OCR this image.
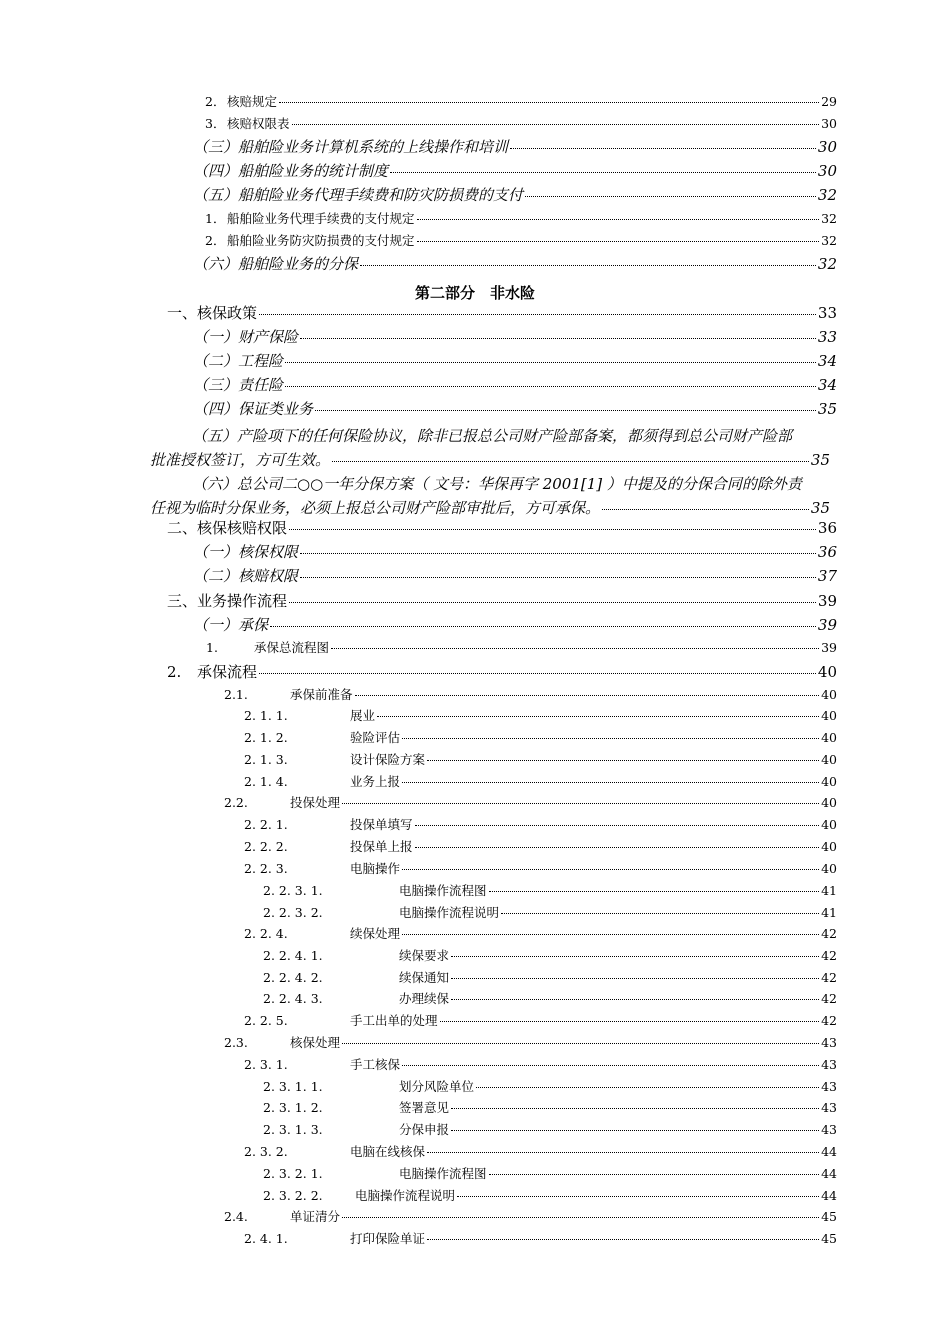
第二部分　非水险
（五）产险项下的任何保险协议，除非已报总公司财产险部备案，都须得到总公司财产险部
批准授权签订，方可生效。	35
（六）总公司二○○一年分保方案（ 文号：华保再字 2001[1] ）中提及的分保合同的除外责
任视为临时分保业务，必须上报总公司财产险部审批后，方可承保。	35
2． 核赔规定	29
3． 核赔权限表	30
（三）船舶险业务计算机系统的上线操作和培训	30
（四）船舶险业务的统计制度	30
（五）船舶险业务代理手续费和防灾防损费的支付	32
1． 船舶险业务代理手续费的支付规定	32
2． 船舶险业务防灾防损费的支付规定	32
（六）船舶险业务的分保	32
一、核保政策	33
（一）财产保险	33
（二）工程险	34
（三）责任险	34
（四）保证类业务	35
二、核保核赔权限	36
（一）核保权限	36
（二）核赔权限	37
三、业务操作流程	39
（一）承保	39
1.	承保总流程图	39
2.	承保流程	40
2.1.	承保前准备	40
2. 1. 1.	展业	40
2. 1. 2.	验险评估	40
2. 1. 3.	设计保险方案	40
2. 1. 4.	业务上报	40
2.2.	投保处理	40
2. 2. 1.	投保单填写	40
2. 2. 2.	投保单上报	40
2. 2. 3.	电脑操作	40
2. 2. 3. 1.	电脑操作流程图	41
2. 2. 3. 2.	电脑操作流程说明	41
2. 2. 4.	续保处理	42
2. 2. 4. 1.	续保要求	42
2. 2. 4. 2.	续保通知	42
2. 2. 4. 3.	办理续保	42
2. 2. 5.	手工出单的处理	42
2.3.	核保处理	43
2. 3. 1.	手工核保	43
2. 3. 1. 1.	划分风险单位	43
2. 3. 1. 2.	签署意见	43
2. 3. 1. 3.	分保申报	43
2. 3. 2.	电脑在线核保	44
2. 3. 2. 1.	电脑操作流程图	44
2. 3. 2. 2.	电脑操作流程说明	44
2.4.	单证清分	45
2. 4. 1.	打印保险单证	45
